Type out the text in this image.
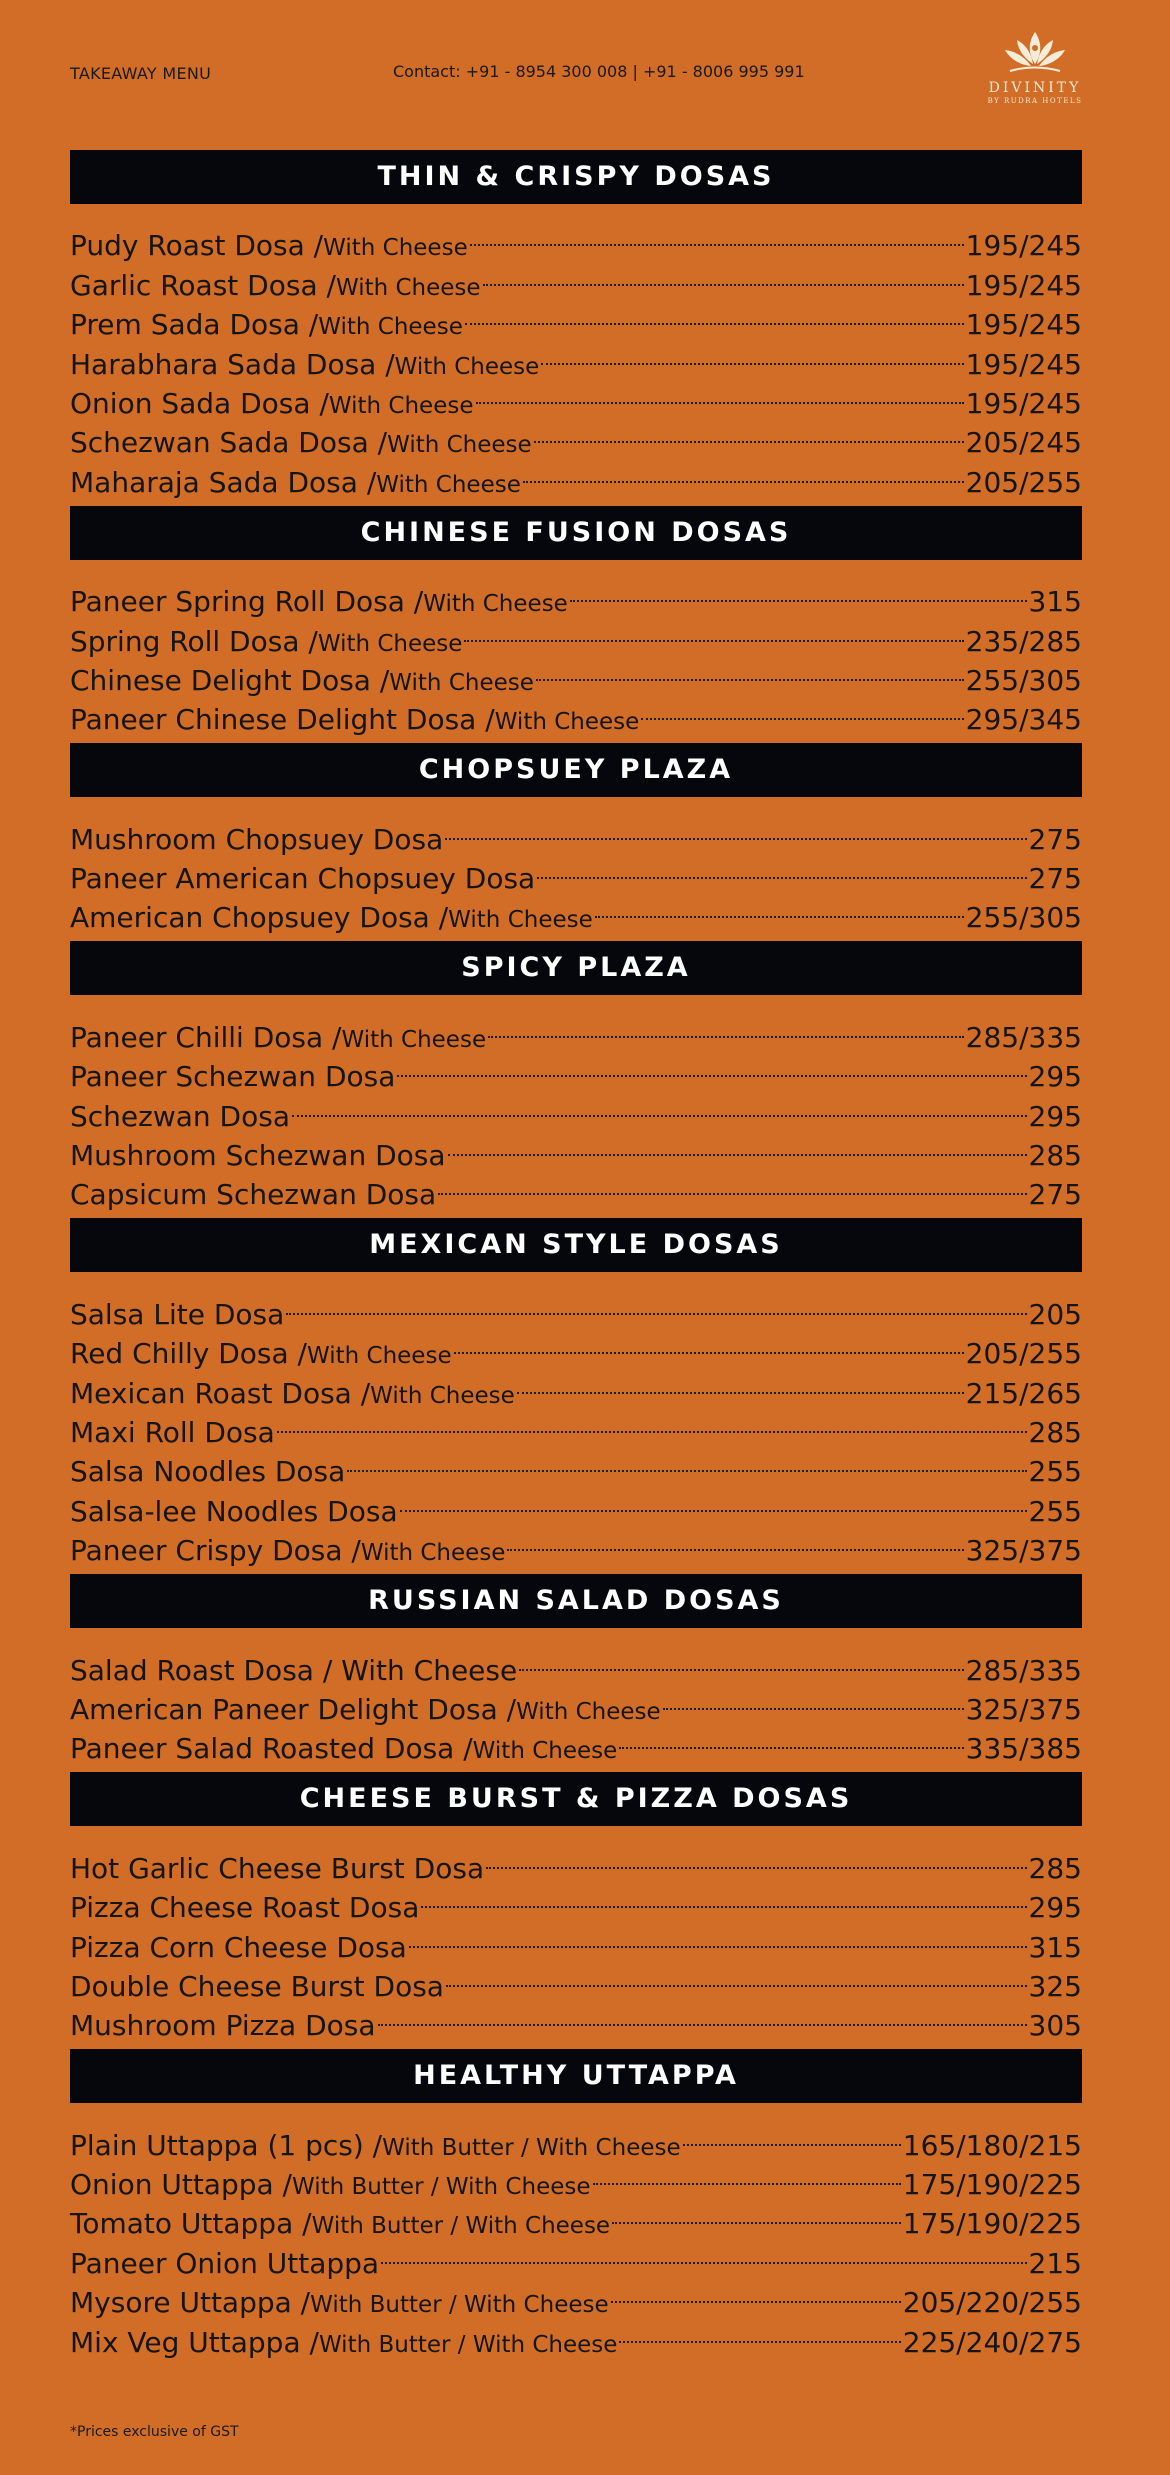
TAKEAWAY MENU	Contact: +91 - 8954 300 008 | +91 - 8006 995 991
DIVINITY
BY RUDRA HOTELS
THIN & CRISPY DOSAS
Pudy Roast Dosa / With Cheese	195/245
Garlic Roast Dosa / With Cheese	195/245
Prem Sada Dosa / With Cheese	195/245
Harabhara Sada Dosa / With Cheese	195/245
Onion Sada Dosa / With Cheese	195/245
Schezwan Sada Dosa / With Cheese	205/245
Maharaja Sada Dosa / With Cheese	205/255
CHINESE FUSION DOSAS
Paneer Spring Roll Dosa / With Cheese	315
Spring Roll Dosa / With Cheese	235/285
Chinese Delight Dosa / With Cheese	255/305
Paneer Chinese Delight Dosa / With Cheese	295/345
CHOPSUEY PLAZA
Mushroom Chopsuey Dosa	275
Paneer American Chopsuey Dosa	275
American Chopsuey Dosa / With Cheese	255/305
SPICY PLAZA
Paneer Chilli Dosa / With Cheese	285/335
Paneer Schezwan Dosa	295
Schezwan Dosa	295
Mushroom Schezwan Dosa	285
Capsicum Schezwan Dosa	275
MEXICAN STYLE DOSAS
Salsa Lite Dosa	205
Red Chilly Dosa / With Cheese	205/255
Mexican Roast Dosa / With Cheese	215/265
Maxi Roll Dosa	285
Salsa Noodles Dosa	255
Salsa-lee Noodles Dosa	255
Paneer Crispy Dosa / With Cheese	325/375
RUSSIAN SALAD DOSAS
Salad Roast Dosa / With Cheese	285/335
American Paneer Delight Dosa / With Cheese	325/375
Paneer Salad Roasted Dosa / With Cheese	335/385
CHEESE BURST & PIZZA DOSAS
Hot Garlic Cheese Burst Dosa	285
Pizza Cheese Roast Dosa	295
Pizza Corn Cheese Dosa	315
Double Cheese Burst Dosa	325
Mushroom Pizza Dosa	305
HEALTHY UTTAPPA
Plain Uttappa (1 pcs) / With Butter / With Cheese	165/180/215
Onion Uttappa / With Butter / With Cheese	175/190/225
Tomato Uttappa / With Butter / With Cheese	175/190/225
Paneer Onion Uttappa	215
Mysore Uttappa / With Butter / With Cheese	205/220/255
Mix Veg Uttappa / With Butter / With Cheese	225/240/275
*Prices exclusive of GST
